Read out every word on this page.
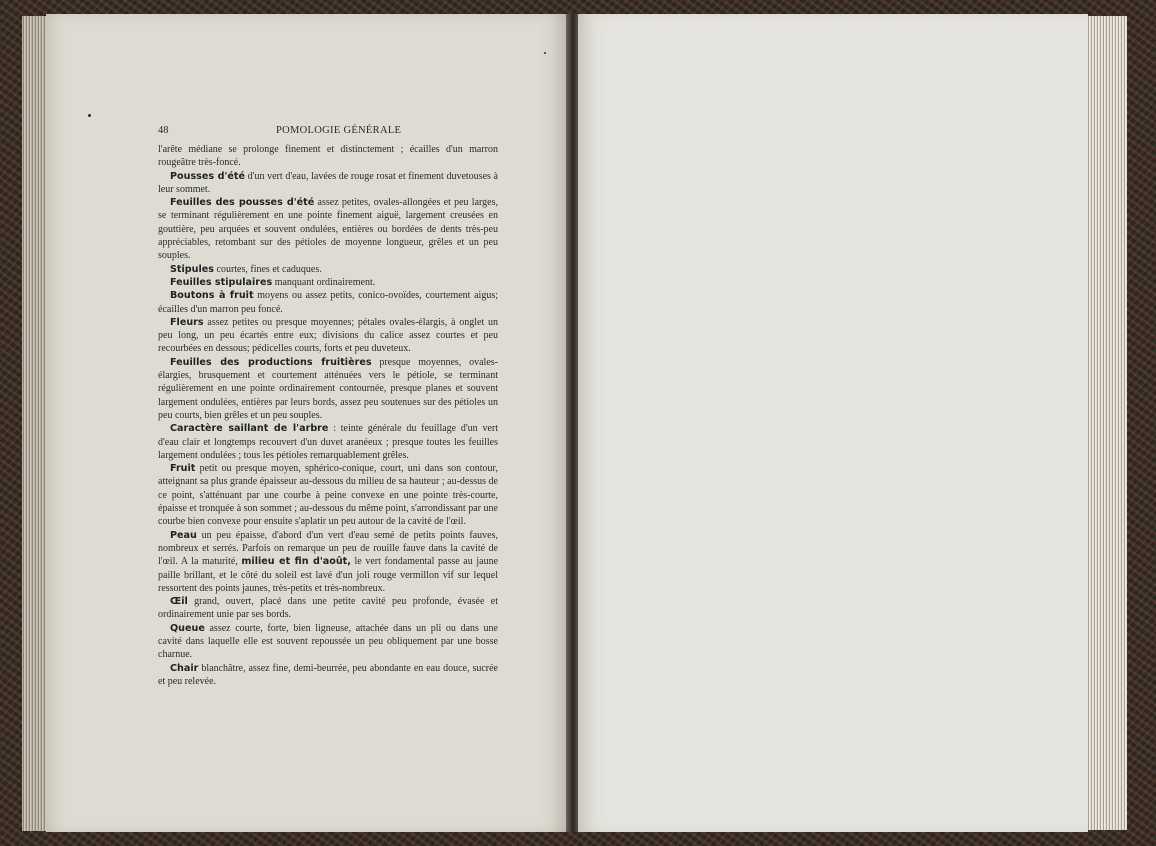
48	POMOLOGIE GÉNÉRALE

l'arête médiane se prolonge finement et distinctement ; écailles d'un marron rougeâtre très-foncé.

Pousses d'été d'un vert d'eau, lavées de rouge rosat et finement duvetouses à leur sommet.

Feuilles des pousses d'été assez petites, ovales-allongées et peu larges, se terminant régulièrement en une pointe finement aiguë, largement creusées en gouttière, peu arquées et souvent ondulées, entières ou bordées de dents très-peu appréciables, retombant sur des pétioles de moyenne longueur, grêles et un peu souples.

Stipules courtes, fines et caduques.

Feuilles stipulaires manquant ordinairement.

Boutons à fruit moyens ou assez petits, conico-ovoïdes, courtement aigus; écailles d'un marron peu foncé.

Fleurs assez petites ou presque moyennes; pétales ovales-élargis, à onglet un peu long, un peu écartés entre eux; divisions du calice assez courtes et peu recourbées en dessous; pédicelles courts, forts et peu duveteux.

Feuilles des productions fruitières presque moyennes, ovales-élargies, brusquement et courtement atténuées vers le pétiole, se terminant régulièrement en une pointe ordinairement contournée, presque planes et souvent largement ondulées, entières par leurs bords, assez peu soutenues sur des pétioles un peu courts, bien grêles et un peu souples.

Caractère saillant de l'arbre : teinte générale du feuillage d'un vert d'eau clair et longtemps recouvert d'un duvet aranéeux ; presque toutes les feuilles largement ondulées ; tous les pétioles remarquablement grêles.

Fruit petit ou presque moyen, sphérico-conique, court, uni dans son contour, atteignant sa plus grande épaisseur au-dessous du milieu de sa hauteur ; au-dessus de ce point, s'atténuant par une courbe à peine convexe en une pointe très-courte, épaisse et tronquée à son sommet ; au-dessous du même point, s'arrondissant par une courbe bien convexe pour ensuite s'aplatir un peu autour de la cavité de l'œil.

Peau un peu épaisse, d'abord d'un vert d'eau semé de petits points fauves, nombreux et serrés. Parfois on remarque un peu de rouille fauve dans la cavité de l'œil. A la maturité, milieu et fin d'août, le vert fondamental passe au jaune paille brillant, et le côté du soleil est lavé d'un joli rouge vermillon vif sur lequel ressortent des points jaunes, très-petits et très-nombreux.

Œil grand, ouvert, placé dans une petite cavité peu profonde, évasée et ordinairement unie par ses bords.

Queue assez courte, forte, bien ligneuse, attachée dans un pli ou dans une cavité dans laquelle elle est souvent repoussée un peu obliquement par une bosse charnue.

Chair blanchâtre, assez fine, demi-beurrée, peu abondante en eau douce, sucrée et peu relevée.
